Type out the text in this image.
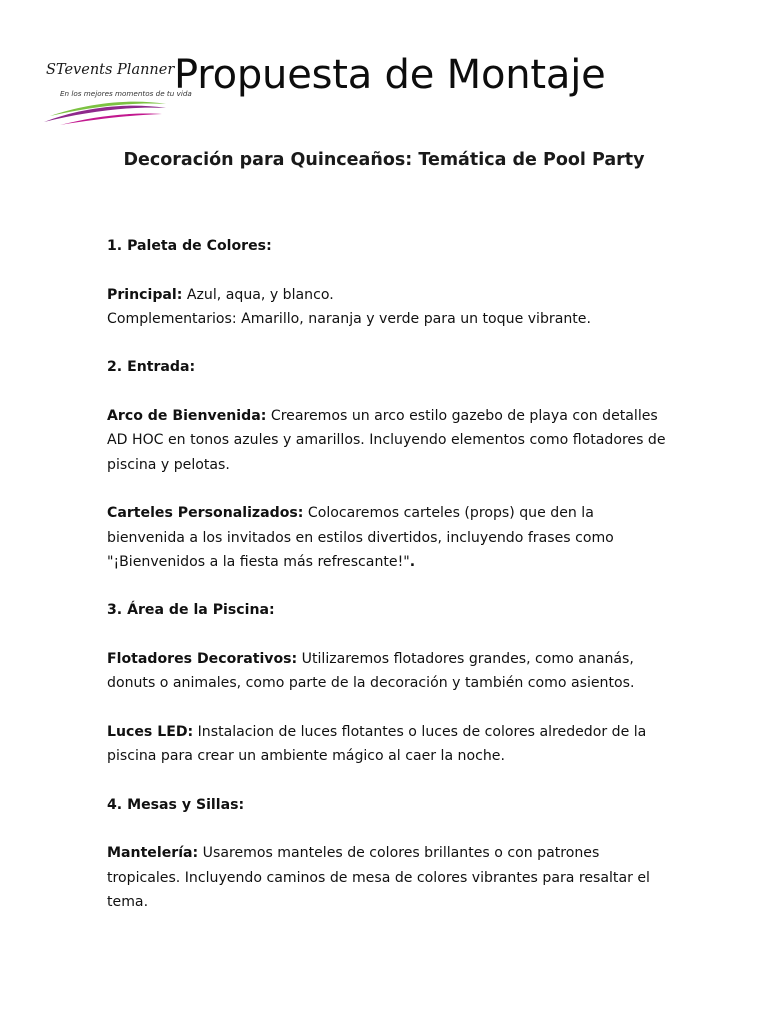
STevents Planner
En los mejores momentos de tu vida
Propuesta de Montaje
Decoración para Quinceaños: Temática de Pool Party
1. Paleta de Colores:

Principal: Azul, aqua, y blanco.
Complementarios: Amarillo, naranja y verde para un toque vibrante.

2. Entrada:

Arco de Bienvenida: Crearemos un arco estilo gazebo de playa con detalles AD HOC en tonos azules y amarillos. Incluyendo elementos como flotadores de piscina y pelotas.

Carteles Personalizados: Colocaremos carteles (props) que den la bienvenida a los invitados en estilos divertidos, incluyendo frases como "¡Bienvenidos a la fiesta más refrescante!".

3. Área de la Piscina:

Flotadores Decorativos: Utilizaremos flotadores grandes, como ananás, donuts o animales, como parte de la decoración y también como asientos.

Luces LED: Instalacion de luces flotantes o luces de colores alrededor de la piscina para crear un ambiente mágico al caer la noche.

4. Mesas y Sillas:

Mantelería: Usaremos manteles de colores brillantes o con patrones tropicales. Incluyendo caminos de mesa de colores vibrantes para resaltar el tema.
